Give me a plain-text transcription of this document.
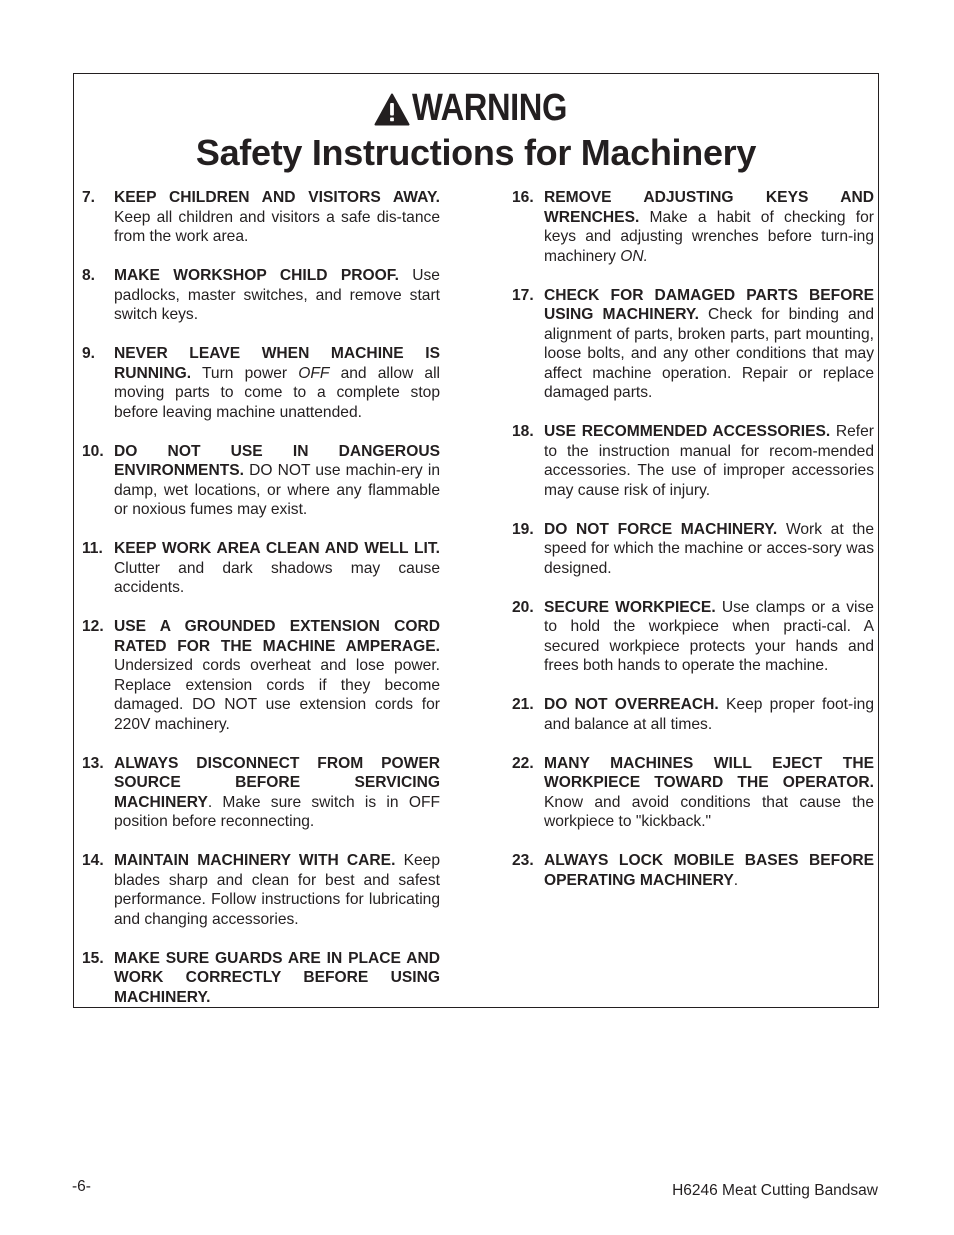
WARNING
Safety Instructions for Machinery
7. KEEP CHILDREN AND VISITORS AWAY. Keep all children and visitors a safe dis-tance from the work area.
8. MAKE WORKSHOP CHILD PROOF. Use padlocks, master switches, and remove start switch keys.
9. NEVER LEAVE WHEN MACHINE IS RUNNING. Turn power OFF and allow all moving parts to come to a complete stop before leaving machine unattended.
10. DO NOT USE IN DANGEROUS ENVIRONMENTS. DO NOT use machin-ery in damp, wet locations, or where any flammable or noxious fumes may exist.
11. KEEP WORK AREA CLEAN AND WELL LIT. Clutter and dark shadows may cause accidents.
12. USE A GROUNDED EXTENSION CORD RATED FOR THE MACHINE AMPERAGE. Undersized cords overheat and lose power. Replace extension cords if they become damaged. DO NOT use extension cords for 220V machinery.
13. ALWAYS DISCONNECT FROM POWER SOURCE BEFORE SERVICING MACHINERY. Make sure switch is in OFF position before reconnecting.
14. MAINTAIN MACHINERY WITH CARE. Keep blades sharp and clean for best and safest performance. Follow instructions for lubricating and changing accessories.
15. MAKE SURE GUARDS ARE IN PLACE AND WORK CORRECTLY BEFORE USING MACHINERY.
16. REMOVE ADJUSTING KEYS AND WRENCHES. Make a habit of checking for keys and adjusting wrenches before turn-ing machinery ON.
17. CHECK FOR DAMAGED PARTS BEFORE USING MACHINERY. Check for binding and alignment of parts, broken parts, part mounting, loose bolts, and any other conditions that may affect machine operation. Repair or replace damaged parts.
18. USE RECOMMENDED ACCESSORIES. Refer to the instruction manual for recom-mended accessories. The use of improper accessories may cause risk of injury.
19. DO NOT FORCE MACHINERY. Work at the speed for which the machine or acces-sory was designed.
20. SECURE WORKPIECE. Use clamps or a vise to hold the workpiece when practi-cal. A secured workpiece protects your hands and frees both hands to operate the machine.
21. DO NOT OVERREACH. Keep proper foot-ing and balance at all times.
22. MANY MACHINES WILL EJECT THE WORKPIECE TOWARD THE OPERATOR. Know and avoid conditions that cause the workpiece to "kickback."
23. ALWAYS LOCK MOBILE BASES BEFORE OPERATING MACHINERY.
-6-	H6246 Meat Cutting Bandsaw
